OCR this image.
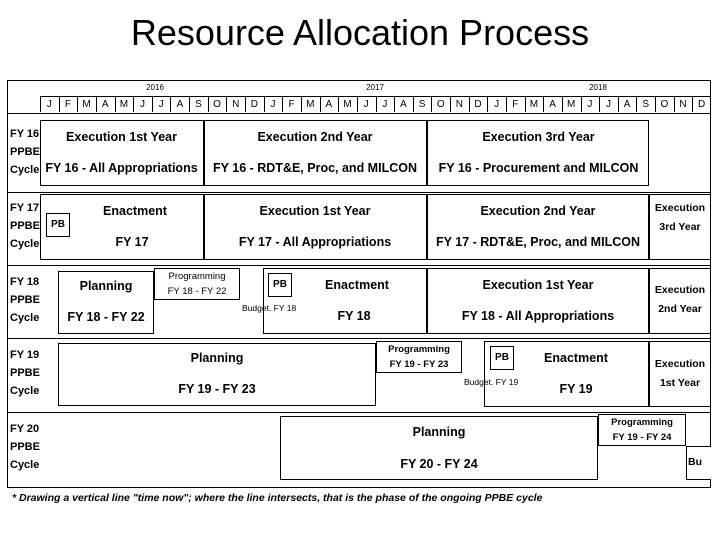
Resource Allocation Process
2016	2017	2018
J	F	M	A	M	J	J	A	S	O	N	D	J	F	M	A	M	J	J	A	S	O	N	D	J	F	M	A	M	J	J	A	S	O	N	D
FY 16
PPBE
Cycle
FY 17
PPBE
Cycle
FY 18
PPBE
Cycle
FY 19
PPBE
Cycle
FY 20
PPBE
Cycle
Execution 1st Year
FY 16 - All Appropriations
Execution 2nd Year
FY 16 - RDT&E, Proc, and MILCON
Execution 3rd Year
FY 16 - Procurement and MILCON
PB
Enactment
FY 17
Execution 1st Year
FY 17 - All Appropriations
Execution 2nd Year
FY 17 - RDT&E, Proc, and MILCON
Execution
3rd Year
Planning
FY 18 - FY 22
Programming
FY 18 - FY 22
PB
Budget. FY 18
Enactment
FY 18
Execution 1st Year
FY 18 - All Appropriations
Execution
2nd Year
Planning
FY 19 - FY 23
Programming
FY 19 - FY 23
PB
Budget. FY 19
Enactment
FY 19
Execution
1st Year
Planning
FY 20 - FY 24
Programming
FY 19 - FY 24
Bu
* Drawing a vertical line "time now"; where the line intersects, that is the phase of the ongoing PPBE cycle
